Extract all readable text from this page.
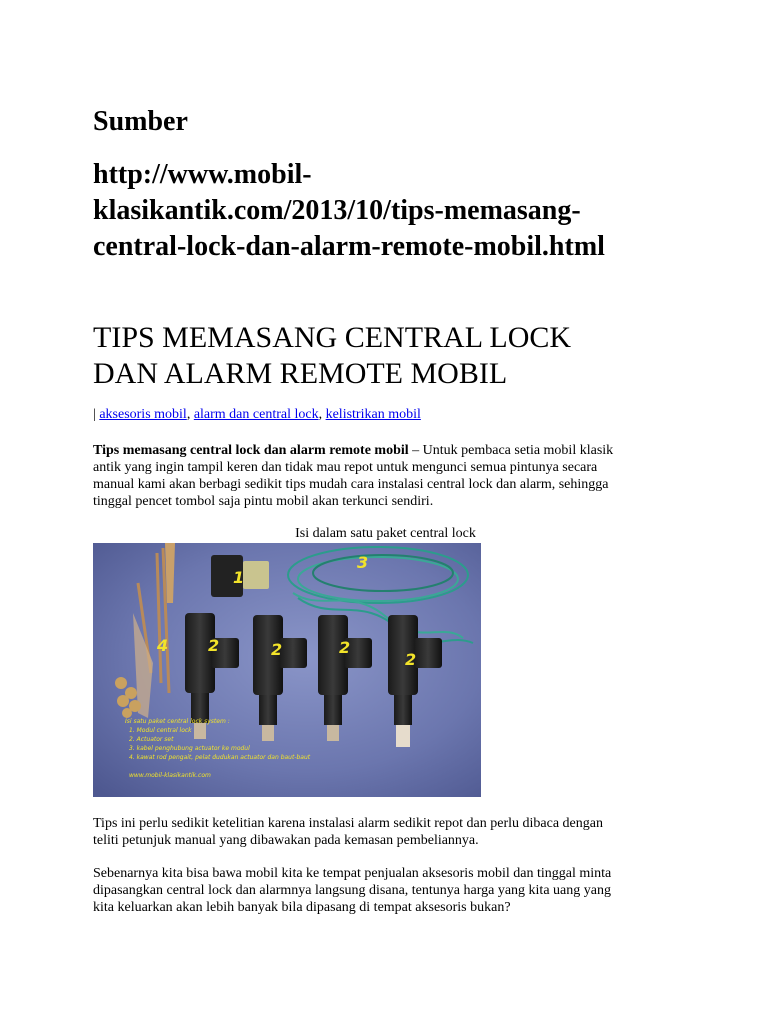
Sumber
http://www.mobil-
klasikantik.com/2013/10/tips-memasang-
central-lock-dan-alarm-remote-mobil.html
TIPS MEMASANG CENTRAL LOCK
DAN ALARM REMOTE MOBIL
| aksesoris mobil, alarm dan central lock, kelistrikan mobil
Tips memasang central lock dan alarm remote mobil – Untuk pembaca setia mobil klasik
antik yang ingin tampil keren dan tidak mau repot untuk mengunci semua pintunya secara
manual kami akan berbagi sedikit tips mudah cara instalasi central lock dan alarm, sehingga
tinggal pencet tombol saja pintu mobil akan terkunci sendiri.
Isi dalam satu paket central lock
1
2	2	2
2
3
4
Isi satu paket central lock system :
1. Modul central lock
2. Actuator set
3. kabel penghubung actuator ke modul
4. kawat rod pengait, pelat dudukan actuator dan baut-baut
www.mobil-klasikantik.com
Tips ini perlu sedikit ketelitian karena instalasi alarm sedikit repot dan perlu dibaca dengan
teliti petunjuk manual yang dibawakan pada kemasan pembeliannya.
Sebenarnya kita bisa bawa mobil kita ke tempat penjualan aksesoris mobil dan tinggal minta
dipasangkan central lock dan alarmnya langsung disana, tentunya harga yang kita uang yang
kita keluarkan akan lebih banyak bila dipasang di tempat aksesoris bukan?
